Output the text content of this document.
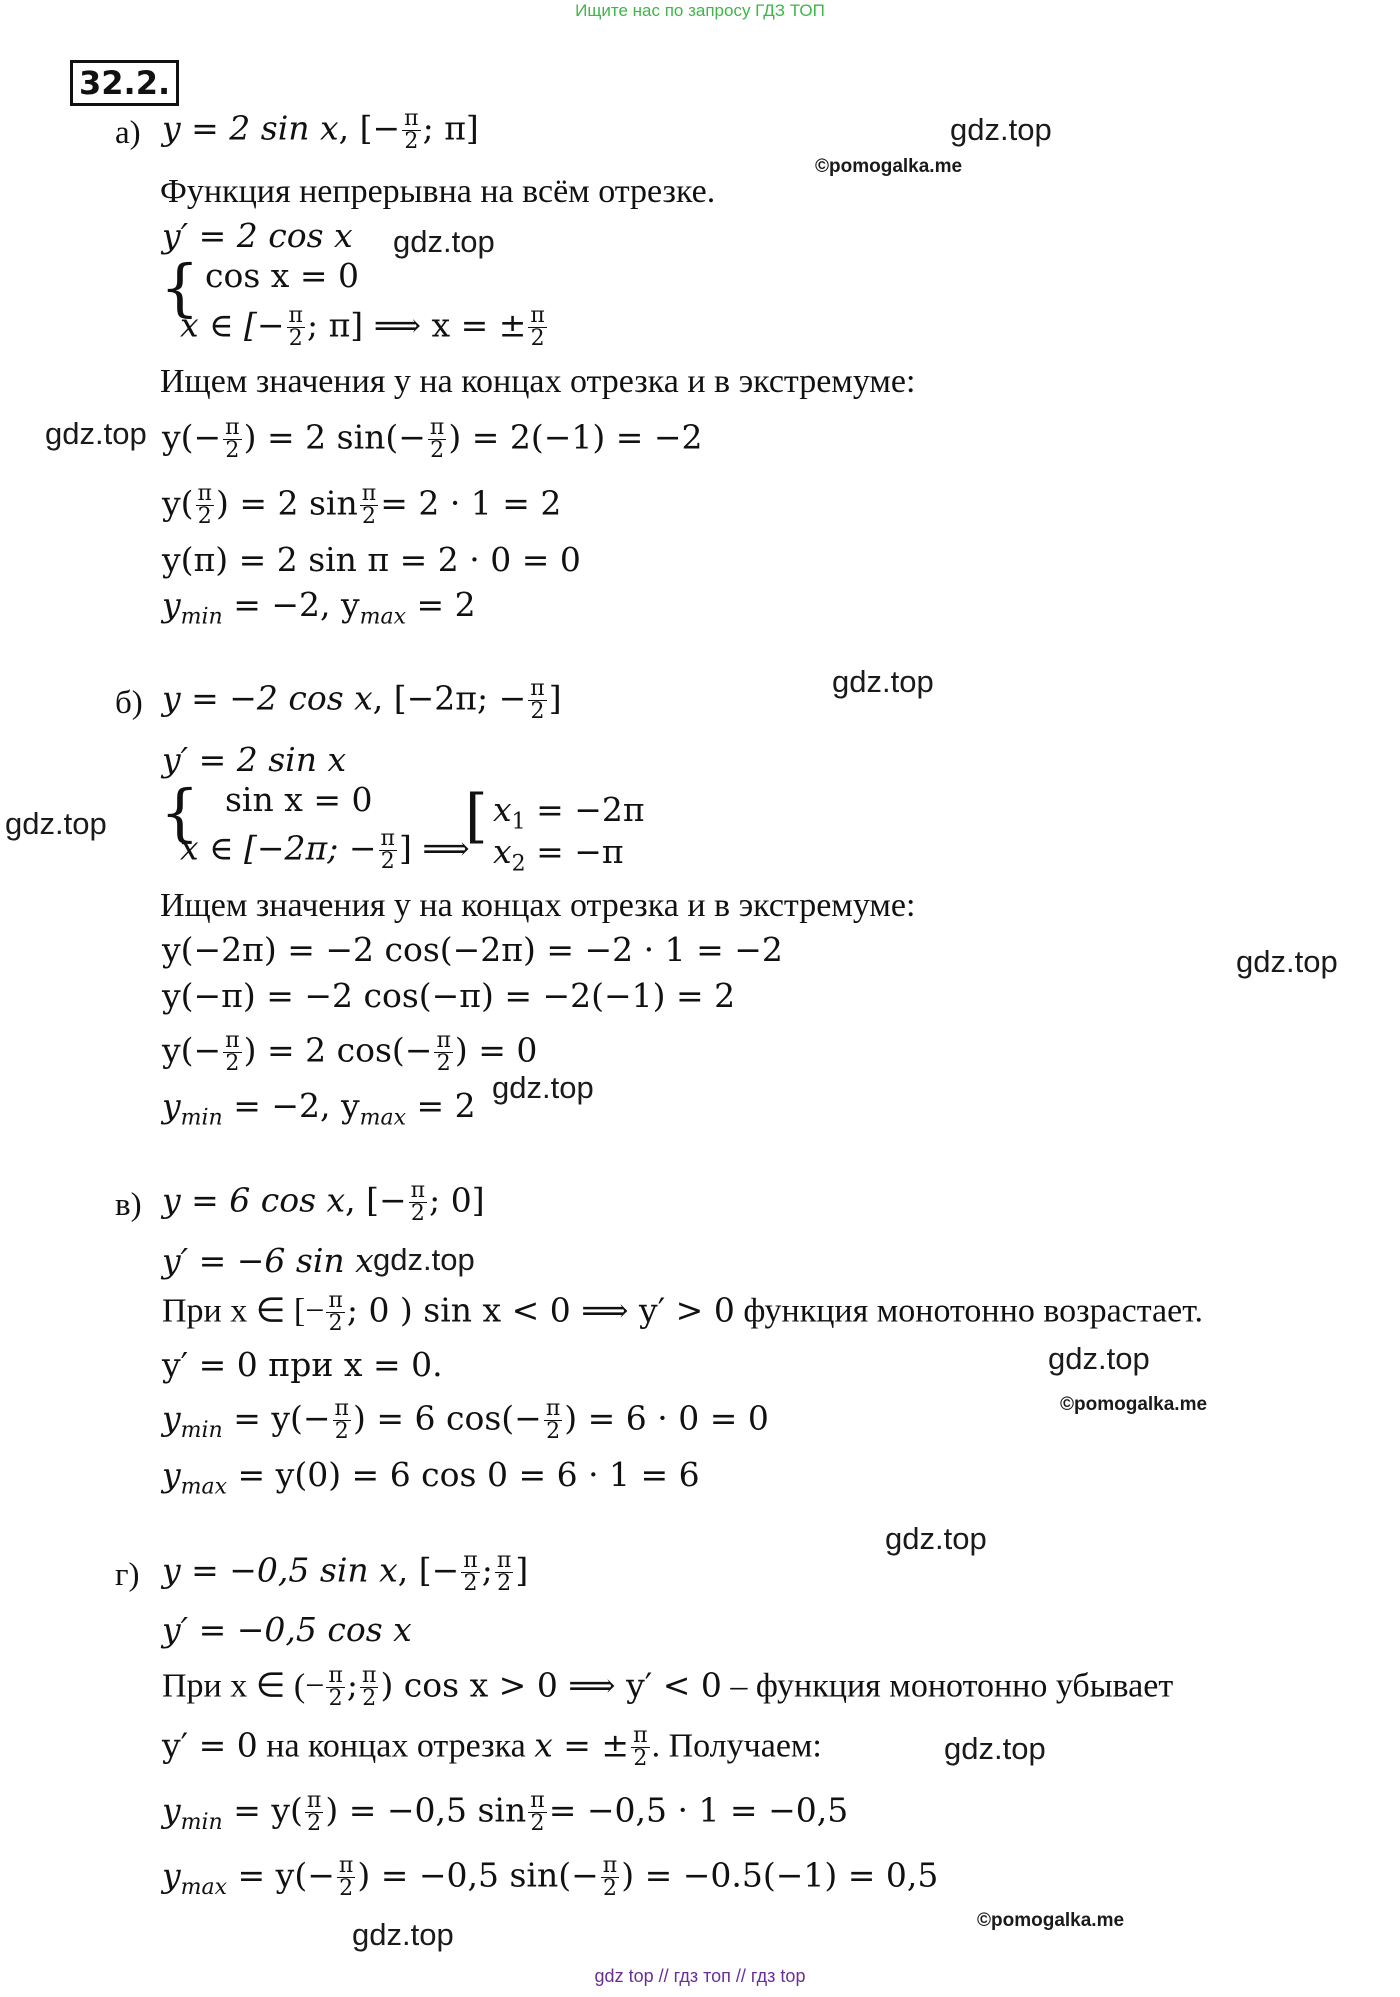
Ищите нас по запросу ГДЗ ТОП
32.2.
а) y = 2 sin x, [− $\frac{\pi}{2}$ ; π]
Функция непрерывна на всём отрезке.
y′ = 2 cos x
{ cos x = 0
x ∈ [− $\frac{\pi}{2}$ ; π] ⟹ x = ± $\frac{\pi}{2}$
Ищем значения y на концах отрезка и в экстремуме:
$y(- \frac{\pi}{2}$ ) = 2 $\sin(- \frac{\pi}{2}$ ) = 2(−1) = −2
$y( \frac{\pi}{2}$ ) = 2 $\sin \frac{\pi}{2} = 2 \cdot 1 = 2$
y(π) = 2 sin π = 2 · 0 = 0
$y_{min} = -2$, $y_{max} = 2$
б) y = −2 cos x, [−2π; − $\frac{\pi}{2}$ ]
y′ = 2 sin x
{ sin x = 0
x ∈ [−2π; − $\frac{\pi}{2}$ ] ⟹
[ $x_1 = -2\pi$
$x_2 = -\pi$
Ищем значения y на концах отрезка и в экстремуме:
y(−2π) = −2 cos(−2π) = −2 · 1 = −2
y(−π) = −2 cos(−π) = −2(−1) = 2
$y(- \frac{\pi}{2}$ ) = 2 $\cos(- \frac{\pi}{2}$ ) = 0
$y_{min} = -2$, $y_{max} = 2$
в) y = 6 cos x, [− $\frac{\pi}{2}$ ; 0]
y′ = −6 sin x
При x ∈ [− $\frac{\pi}{2}$ ; 0 ) sin x < 0 ⟹ y′ > 0 функция монотонно возрастает.
y′ = 0 при x = 0.
$y_{min} = y(- \frac{\pi}{2}$ ) = 6 $\cos(- \frac{\pi}{2}$ ) = 6 · 0 = 0
$y_{max} = y(0) = 6$ cos 0 = 6 · 1 = 6
г) y = −0,5 sin x, [− $\frac{\pi}{2}$ ; $\frac{\pi}{2}$ ]
y′ = −0,5 cos x
При x ∈ (− $\frac{\pi}{2}$ ; $\frac{\pi}{2}$ ) cos x > 0 ⟹ y′ < 0 – функция монотонно убывает
y′ = 0 на концах отрезка x = ± $\frac{\pi}{2}$ . Получаем:
$y_{min} = y( \frac{\pi}{2}$ ) = −0,5 $\sin \frac{\pi}{2} = -0,5 \cdot 1 = -0,5$
$y_{max} = y(- \frac{\pi}{2}$ ) = −0,5 $\sin(- \frac{\pi}{2}$ ) = −0.5(−1) = 0,5
gdz.top
©pomogalka.me
gdz.top
gdz.top
gdz.top
gdz.top
gdz.top
gdz.top
gdz.top
gdz.top
©pomogalka.me
gdz.top
gdz.top
©pomogalka.me
gdz.top
gdz top // гдз топ // гдз top
